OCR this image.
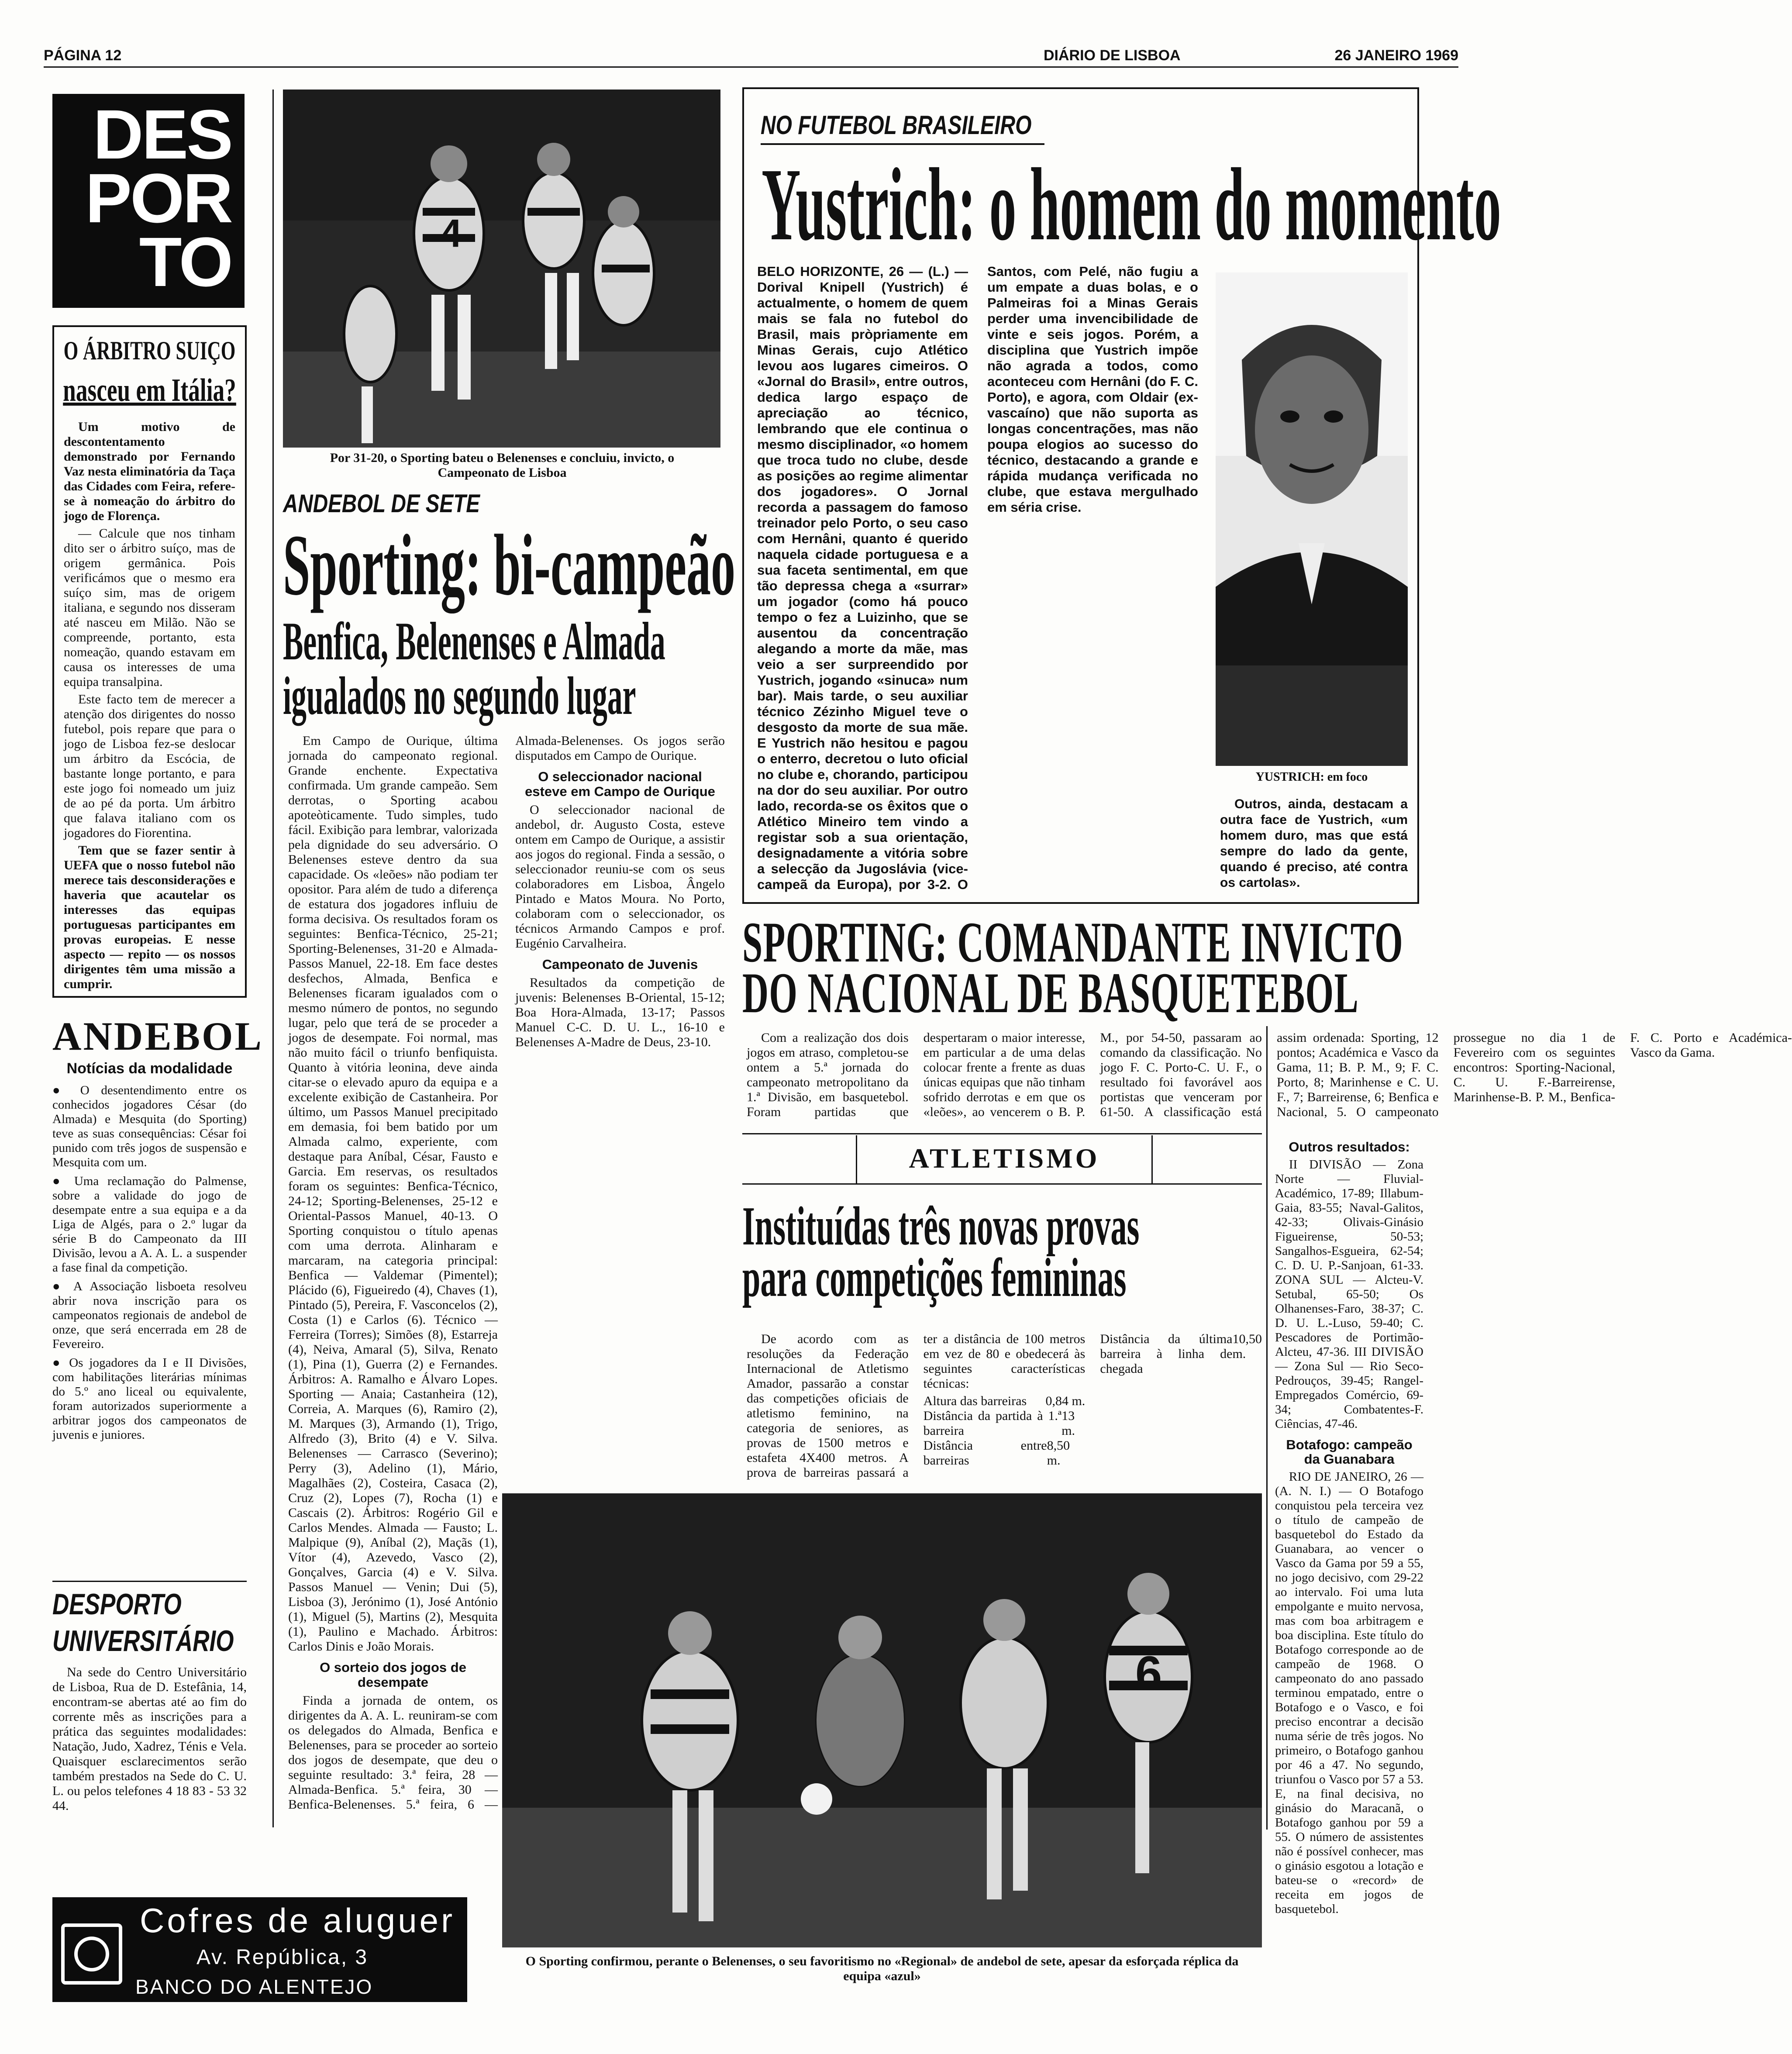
PÁGINA 12	DIÁRIO DE LISBOA	26 JANEIRO 1969
DES
POR
TO
O ÁRBITRO SUIÇO
nasceu em Itália?

Um motivo de descontentamento demonstrado por Fernando Vaz nesta eliminatória da Taça das Cidades com Feira, refere-se à nomeação do árbitro do jogo de Florença.

— Calcule que nos tinham dito ser o árbitro suíço, mas de origem germânica. Pois verificámos que o mesmo era suíço sim, mas de origem italiana, e segundo nos disseram até nasceu em Milão. Não se compreende, portanto, esta nomeação, quando estavam em causa os interesses de uma equipa transalpina.

Este facto tem de merecer a atenção dos dirigentes do nosso futebol, pois repare que para o jogo de Lisboa fez-se deslocar um árbitro da Escócia, de bastante longe portanto, e para este jogo foi nomeado um juiz de ao pé da porta. Um árbitro que falava italiano com os jogadores do Fiorentina.

Tem que se fazer sentir à UEFA que o nosso futebol não merece tais desconsiderações e haveria que acautelar os interesses das equipas portuguesas participantes em provas europeias. E nesse aspecto — repito — os nossos dirigentes têm uma missão a cumprir.

ANDEBOL
Notícias da modalidade

● O desentendimento entre os conhecidos jogadores César (do Almada) e Mesquita (do Sporting) teve as suas consequências: César foi punido com três jogos de suspensão e Mesquita com um.

● Uma reclamação do Palmense, sobre a validade do jogo de desempate entre a sua equipa e a da Liga de Algés, para o 2.º lugar da série B do Campeonato da III Divisão, levou a A. A. L. a suspender a fase final da competição.

● A Associação lisboeta resolveu abrir nova inscrição para os campeonatos regionais de andebol de onze, que será encerrada em 28 de Fevereiro.

● Os jogadores da I e II Divisões, com habilitações literárias mínimas do 5.º ano liceal ou equivalente, foram autorizados superiormente a arbitrar jogos dos campeonatos de juvenis e juniores.

DESPORTO
UNIVERSITÁRIO

Na sede do Centro Universitário de Lisboa, Rua de D. Estefânia, 14, encontram-se abertas até ao fim do corrente mês as inscrições para a prática das seguintes modalidades: Natação, Judo, Xadrez, Ténis e Vela. Quaisquer esclarecimentos serão também prestados na Sede do C. U. L. ou pelos telefones 4 18 83 - 53 32 44.

Cofres de aluguer
Av. República, 3
BANCO DO ALENTEJO
4
Por 31-20, o Sporting bateu o Belenenses e concluiu, invicto, o Campeonato de Lisboa
ANDEBOL DE SETE
Sporting: bi-campeão
Benfica, Belenenses e Almada
igualados no segundo lugar

Em Campo de Ourique, última jornada do campeonato regional. Grande enchente. Expectativa confirmada. Um grande campeão. Sem derrotas, o Sporting acabou apoteòticamente. Tudo simples, tudo fácil. Exibição para lembrar, valorizada pela dignidade do seu adversário. O Belenenses esteve dentro da sua capacidade. Os «leões» não podiam ter opositor. Para além de tudo a diferença de estatura dos jogadores influiu de forma decisiva. Os resultados foram os seguintes: Benfica-Técnico, 25-21; Sporting-Belenenses, 31-20 e Almada-Passos Manuel, 22-18. Em face destes desfechos, Almada, Benfica e Belenenses ficaram igualados com o mesmo número de pontos, no segundo lugar, pelo que terá de se proceder a jogos de desempate. Foi normal, mas não muito fácil o triunfo benfiquista. Quanto à vitória leonina, deve ainda citar-se o elevado apuro da equipa e a excelente exibição de Castanheira. Por último, um Passos Manuel precipitado em demasia, foi bem batido por um Almada calmo, experiente, com destaque para Aníbal, César, Fausto e Garcia. Em reservas, os resultados foram os seguintes: Benfica-Técnico, 24-12; Sporting-Belenenses, 25-12 e Oriental-Passos Manuel, 40-13. O Sporting conquistou o título apenas com uma derrota. Alinharam e marcaram, na categoria principal: Benfica — Valdemar (Pimentel); Plácido (6), Figueiredo (4), Chaves (1), Pintado (5), Pereira, F. Vasconcelos (2), Costa (1) e Carlos (6). Técnico — Ferreira (Torres); Simões (8), Estarreja (4), Neiva, Amaral (5), Silva, Renato (1), Pina (1), Guerra (2) e Fernandes. Árbitros: A. Ramalho e Álvaro Lopes. Sporting — Anaia; Castanheira (12), Correia, A. Marques (6), Ramiro (2), M. Marques (3), Armando (1), Trigo, Alfredo (3), Brito (4) e V. Silva. Belenenses — Carrasco (Severino); Perry (3), Adelino (1), Mário, Magalhães (2), Costeira, Casaca (2), Cruz (2), Lopes (7), Rocha (1) e Cascais (2). Árbitros: Rogério Gil e Carlos Mendes. Almada — Fausto; L. Malpique (9), Aníbal (2), Maçãs (1), Vítor (4), Azevedo, Vasco (2), Gonçalves, Garcia (4) e V. Silva. Passos Manuel — Venin; Dui (5), Lisboa (3), Jerónimo (1), José António (1), Miguel (5), Martins (2), Mesquita (1), Paulino e Machado. Árbitros: Carlos Dinis e João Morais.

O sorteio dos jogos de desempate

Finda a jornada de ontem, os dirigentes da A. A. L. reuniram-se com os delegados do Almada, Benfica e Belenenses, para se proceder ao sorteio dos jogos de desempate, que deu o seguinte resultado: 3.ª feira, 28 — Almada-Benfica. 5.ª feira, 30 — Benfica-Belenenses. 5.ª feira, 6 — Almada-Belenenses. Os jogos serão disputados em Campo de Ourique.

O seleccionador nacional esteve em Campo de Ourique

O seleccionador nacional de andebol, dr. Augusto Costa, esteve ontem em Campo de Ourique, a assistir aos jogos do regional. Finda a sessão, o seleccionador reuniu-se com os seus colaboradores em Lisboa, Ângelo Pintado e Matos Moura. No Porto, colaboram com o seleccionador, os técnicos Armando Campos e prof. Eugénio Carvalheira.

Campeonato de Juvenis

Resultados da competição de juvenis: Belenenses B-Oriental, 15-12; Boa Hora-Almada, 13-17; Passos Manuel C-C. D. U. L., 16-10 e Belenenses A-Madre de Deus, 23-10.

NO FUTEBOL BRASILEIRO
Yustrich: o homem do momento

BELO HORIZONTE, 26 — (L.) — Dorival Knipell (Yustrich) é actualmente, o homem de quem mais se fala no futebol do Brasil, mais pròpriamente em Minas Gerais, cujo Atlético levou aos lugares cimeiros. O «Jornal do Brasil», entre outros, dedica largo espaço de apreciação ao técnico, lembrando que ele continua o mesmo disciplinador, «o homem que troca tudo no clube, desde as posições ao regime alimentar dos jogadores». O Jornal recorda a passagem do famoso treinador pelo Porto, o seu caso com Hernâni, quanto é querido naquela cidade portuguesa e a sua faceta sentimental, em que tão depressa chega a «surrar» um jogador (como há pouco tempo o fez a Luizinho, que se ausentou da concentração alegando a morte da mãe, mas veio a ser surpreendido por Yustrich, jogando «sinuca» num bar). Mais tarde, o seu auxiliar técnico Zézinho Miguel teve o desgosto da morte de sua mãe. E Yustrich não hesitou e pagou o enterro, decretou o luto oficial no clube e, chorando, participou na dor do seu auxiliar. Por outro lado, recorda-se os êxitos que o Atlético Mineiro tem vindo a registar sob a sua orientação, designadamente a vitória sobre a selecção da Jugoslávia (vice-campeã da Europa), por 3-2. O Santos, com Pelé, não fugiu a um empate a duas bolas, e o Palmeiras foi a Minas Gerais perder uma invencibilidade de vinte e seis jogos. Porém, a disciplina que Yustrich impõe não agrada a todos, como aconteceu com Hernâni (do F. C. Porto), e agora, com Oldair (ex-vascaíno) que não suporta as longas concentrações, mas não poupa elogios ao sucesso do técnico, destacando a grande e rápida mudança verificada no clube, que estava mergulhado em séria crise.

YUSTRICH: em foco

Outros, ainda, destacam a outra face de Yustrich, «um homem duro, mas que está sempre do lado da gente, quando é preciso, até contra os cartolas».

SPORTING: COMANDANTE INVICTO
DO NACIONAL DE BASQUETEBOL

Com a realização dos dois jogos em atraso, completou-se ontem a 5.ª jornada do campeonato metropolitano da 1.ª Divisão, em basquetebol. Foram partidas que despertaram o maior interesse, em particular a de uma delas colocar frente a frente as duas únicas equipas que não tinham sofrido derrotas e em que os «leões», ao vencerem o B. P. M., por 54-50, passaram ao comando da classificação. No jogo F. C. Porto-C. U. F., o resultado foi favorável aos portistas que venceram por 61-50. A classificação está assim ordenada: Sporting, 12 pontos; Académica e Vasco da Gama, 11; B. P. M., 9; F. C. Porto, 8; Marinhense e C. U. F., 7; Barreirense, 6; Benfica e Nacional, 5. O campeonato prossegue no dia 1 de Fevereiro com os seguintes encontros: Sporting-Nacional, C. U. F.-Barreirense, Marinhense-B. P. M., Benfica-F. C. Porto e Académica-Vasco da Gama.

Outros resultados:

II DIVISÃO — Zona Norte — Fluvial-Académico, 17-89; Illabum-Gaia, 83-55; Naval-Galitos, 42-33; Olivais-Ginásio Figueirense, 50-53; Sangalhos-Esgueira, 62-54; C. D. U. P.-Sanjoan, 61-33. ZONA SUL — Alcteu-V. Setubal, 65-50; Os Olhanenses-Faro, 38-37; C. D. U. L.-Luso, 59-40; C. Pescadores de Portimão-Alcteu, 47-36. III DIVISÃO — Zona Sul — Rio Seco-Pedrouços, 39-45; Rangel-Empregados Comércio, 69-34; Combatentes-F. Ciências, 47-46.

Botafogo: campeão

da Guanabara

RIO DE JANEIRO, 26 — (A. N. I.) — O Botafogo conquistou pela terceira vez o título de campeão de basquetebol do Estado da Guanabara, ao vencer o Vasco da Gama por 59 a 55, no jogo decisivo, com 29-22 ao intervalo. Foi uma luta empolgante e muito nervosa, mas com boa arbitragem e boa disciplina. Este título do Botafogo corresponde ao de campeão de 1968. O campeonato do ano passado terminou empatado, entre o Botafogo e o Vasco, e foi preciso encontrar a decisão numa série de três jogos. No primeiro, o Botafogo ganhou por 46 a 47. No segundo, triunfou o Vasco por 57 a 53. E, na final decisiva, no ginásio do Maracanã, o Botafogo ganhou por 59 a 55. O número de assistentes não é possível conhecer, mas o ginásio esgotou a lotação e bateu-se o «record» de receita em jogos de basquetebol.

ATLETISMO
Instituídas três novas provas
para competições femininas

De acordo com as resoluções da Federação Internacional de Atletismo Amador, passarão a constar das competições oficiais de atletismo feminino, na categoria de seniores, as provas de 1500 metros e estafeta 4X400 metros. A prova de barreiras passará a ter a distância de 100 metros em vez de 80 e obedecerá às seguintes características técnicas:

Altura das barreiras 0,84 m.
Distância da partida à 1.ª barreira
13 m.
Distância entre barreiras
8,50 m.
Distância da última barreira à linha de chegada
10,50 m.
6
O Sporting confirmou, perante o Belenenses, o seu favoritismo no «Regional» de andebol de sete, apesar da esforçada réplica da equipa «azul»
